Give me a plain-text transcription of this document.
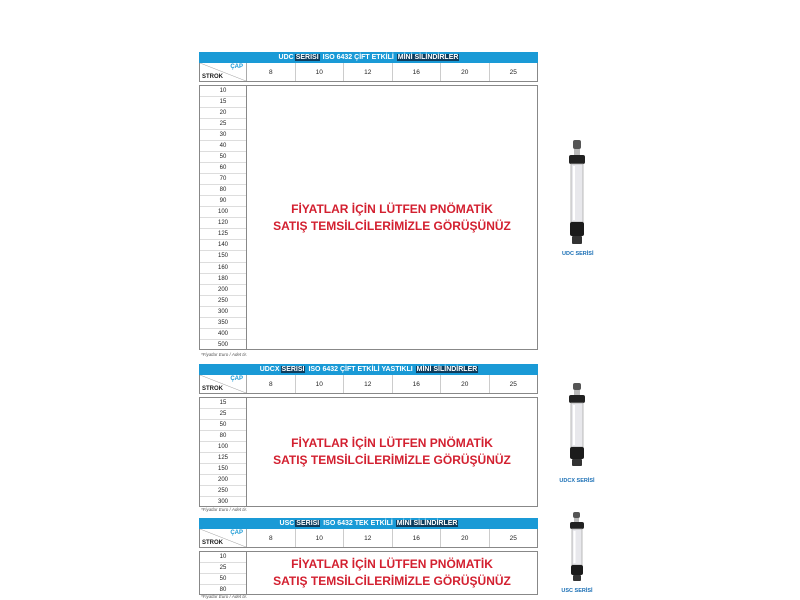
UDC SERISI ISO 6432 ÇİFT ETKİLİ MİNİ SİLİNDİRLER
ÇAP
STROK
8	10	12	16	20	25
10
15
20
25
30
40
50
60
70
80
90
100
120
125
140
150
160
180
200
250
300
350
400
500
FİYATLAR İÇİN LÜTFEN PNÖMATİK
SATIŞ TEMSİLCİLERİMİZLE GÖRÜŞÜNÜZ
*Fiyatlar Euro / Adet tir.
UDCX SERISI ISO 6432 ÇİFT ETKİLİ YASTIKLI MİNİ SİLİNDİRLER
ÇAP
STROK
8	10	12	16	20	25
15
25
50
80
100
125
150
200
250
300
FİYATLAR İÇİN LÜTFEN PNÖMATİK
SATIŞ TEMSİLCİLERİMİZLE GÖRÜŞÜNÜZ
*Fiyatlar Euro / Adet tir.
USC SERISI ISO 6432 TEK ETKİLİ MİNİ SİLİNDİRLER
ÇAP
STROK
8	10	12	16	20	25
10
25
50
80
FİYATLAR İÇİN LÜTFEN PNÖMATİK
SATIŞ TEMSİLCİLERİMİZLE GÖRÜŞÜNÜZ
*Fiyatlar Euro / Adet tir.
UDC SERİSİ
UDCX SERİSİ
USC SERİSİ
